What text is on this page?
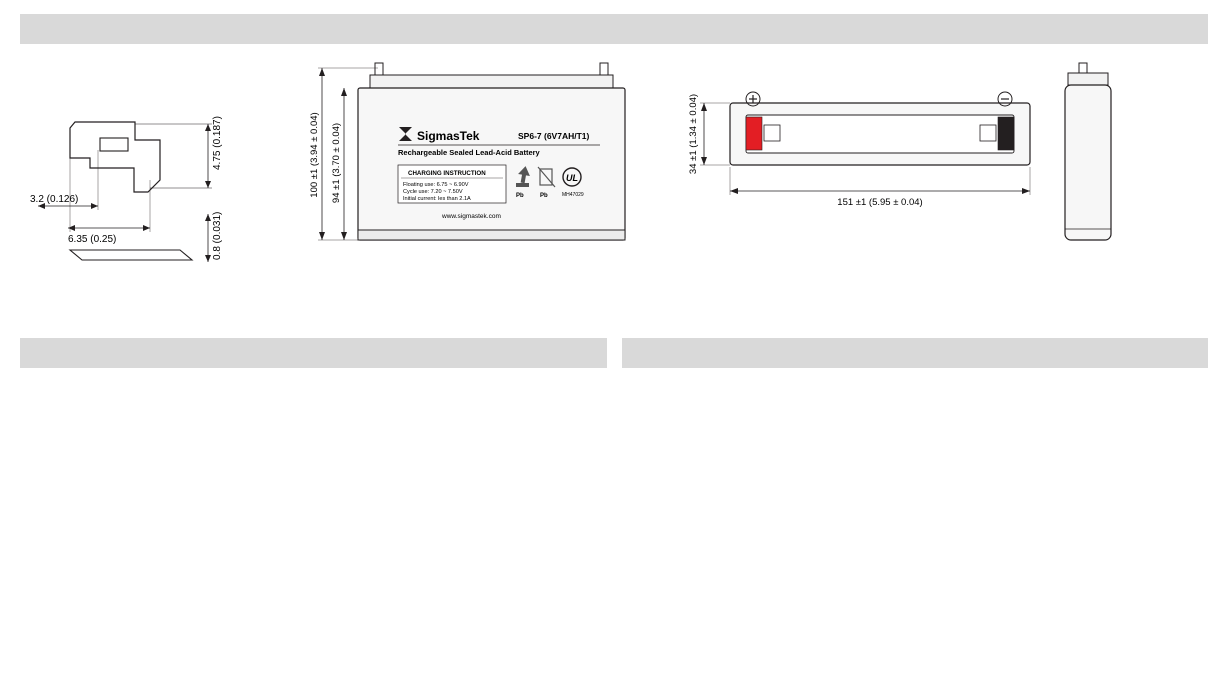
4.75 (0.187)
0.8 (0.031)
3.2 (0.126)
6.35 (0.25)
SigmasTek	SP6-7 (6V7AH/T1)
Rechargeable Sealed Lead-Acid Battery
CHARGING INSTRUCTION
Floating use: 6.75 ~ 6.90V
Cycle use: 7.20 ~ 7.50V
Initial current: les than 2.1A	Pb	Pb
UL
MH47029
www.sigmastek.com
100 ±1 (3.94 ± 0.04) 94 ±1 (3.70 ± 0.04)	34 ±1 (1.34 ± 0.04)
151 ±1 (5.95 ± 0.04)
